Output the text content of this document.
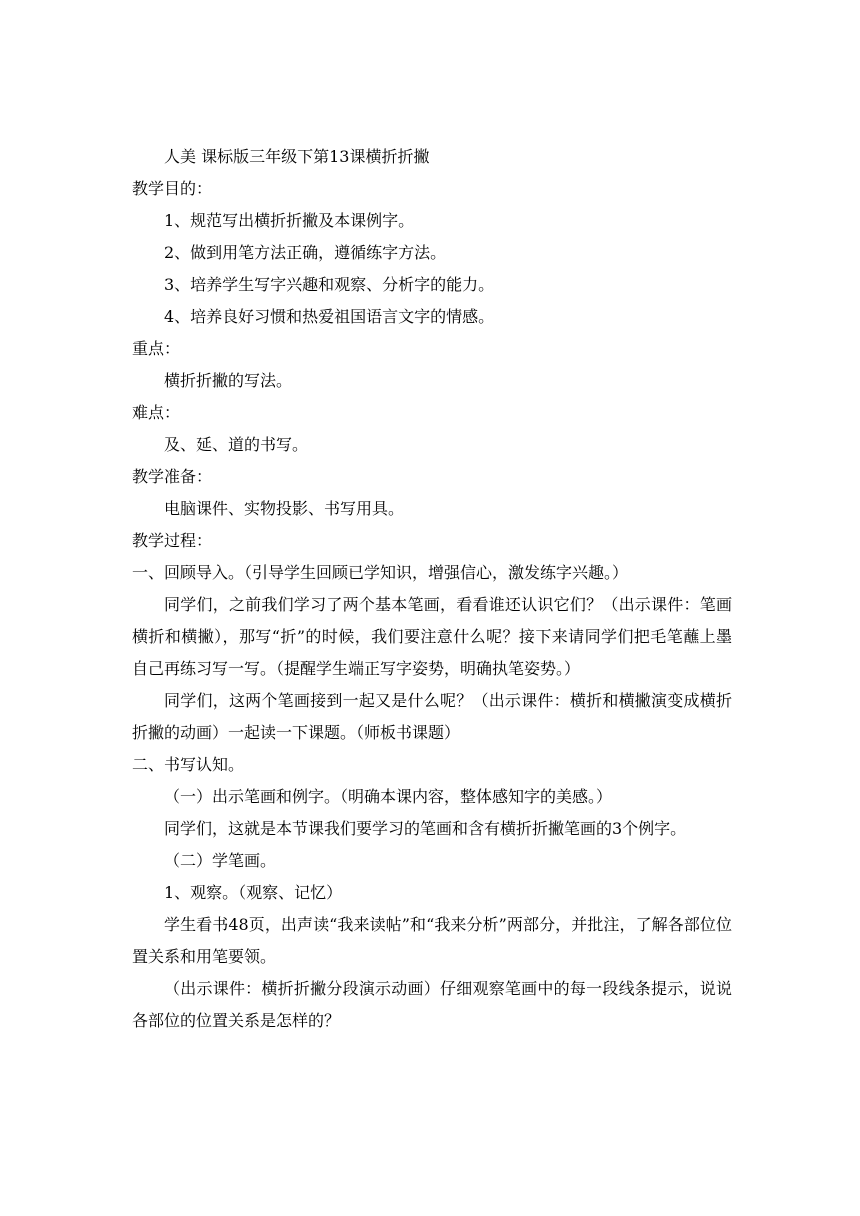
人美 课标版三年级下第13课横折折撇

教学目的：

1、规范写出横折折撇及本课例字。

2、做到用笔方法正确，遵循练字方法。

3、培养学生写字兴趣和观察、分析字的能力。

4、培养良好习惯和热爱祖国语言文字的情感。

重点：

横折折撇的写法。

难点：

及、延、道的书写。

教学准备：

电脑课件、实物投影、书写用具。

教学过程：

一、回顾导入。（引导学生回顾已学知识，增强信心，激发练字兴趣。）

同学们，之前我们学习了两个基本笔画，看看谁还认识它们？（出示课件：笔画横折和横撇），那写“折”的时候，我们要注意什么呢？接下来请同学们把毛笔蘸上墨自己再练习写一写。（提醒学生端正写字姿势，明确执笔姿势。）

同学们，这两个笔画接到一起又是什么呢？（出示课件：横折和横撇演变成横折折撇的动画）一起读一下课题。（师板书课题）

二、书写认知。

（一）出示笔画和例字。（明确本课内容，整体感知字的美感。）

同学们，这就是本节课我们要学习的笔画和含有横折折撇笔画的3个例字。

（二）学笔画。

1、观察。（观察、记忆）

学生看书48页，出声读“我来读帖”和“我来分析”两部分，并批注，了解各部位位置关系和用笔要领。

（出示课件：横折折撇分段演示动画）仔细观察笔画中的每一段线条提示，说说各部位的位置关系是怎样的？
